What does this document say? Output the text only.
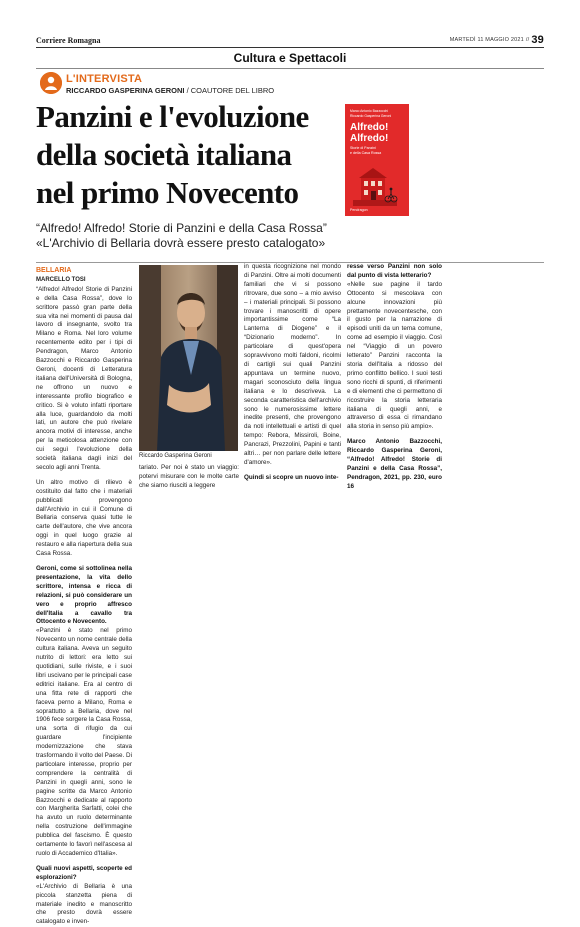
Corriere Romagna	MARTEDÌ 11 MAGGIO 2021 // 39
Cultura e Spettacoli
L'INTERVISTA
RICCARDO GASPERINA GERONI / COAUTORE DEL LIBRO
Panzini e l'evoluzione
della società italiana
nel primo Novecento
Marco Antonio Bazzocchi
Riccardo Gasperina Geroni
Alfredo!
Alfredo!
Storie di Panzini
e della Casa Rossa
Pendragon
“Alfredo! Alfredo! Storie di Panzini e della Casa Rossa”
«L'Archivio di Bellaria dovrà essere presto catalogato»
BELLARIA
MARCELLO TOSI

“Alfredo! Alfredo! Storie di Panzini e della Casa Rossa”, dove lo scrittore passò gran parte della sua vita nei momenti di pausa dal lavoro di insegnante, svolto tra Milano e Roma. Nel loro volume recentemente edito per i tipi di Pendragon, Marco Antonio Bazzocchi e Riccardo Gasperina Geroni, docenti di Letteratura italiana dell'Università di Bologna, ne offrono un nuovo e interessante profilo biografico e critico. Si è voluto infatti riportare alla luce, guardandolo da molti lati, un autore che può rivelare ancora motivi di interesse, anche per la meticolosa attenzione con cui seguì l'evoluzione della società italiana dagli inizi del secolo agli anni Trenta.

Un altro motivo di rilievo è costituito dal fatto che i materiali pubblicati provengono dall'Archivio in cui il Comune di Bellaria conserva quasi tutte le carte dell'autore, che vive ancora oggi in quel luogo grazie al restauro e alla riapertura della sua Casa Rossa.

Geroni, come si sottolinea nella presentazione, la vita dello scrittore, intensa e ricca di relazioni, si può considerare un vero e proprio affresco dell'Italia a cavallo tra Ottocento e Novecento.

«Panzini è stato nel primo Novecento un nome centrale della cultura italiana. Aveva un seguito nutrito di lettori: era letto sui quotidiani, sulle riviste, e i suoi libri uscivano per le principali case editrici italiane. Era al centro di una fitta rete di rapporti che faceva perno a Milano, Roma e soprattutto a Bellaria, dove nel 1906 fece sorgere la Casa Rossa, una sorta di rifugio da cui guardare l'incipiente modernizzazione che stava trasformando il volto del Paese. Di particolare interesse, proprio per comprendere la centralità di Panzini in quegli anni, sono le pagine scritte da Marco Antonio Bazzocchi e dedicate al rapporto con Margherita Sarfatti, colei che ha avuto un ruolo determinante nella costruzione dell'immagine pubblica del fascismo. È questo certamente lo favorì nell'ascesa al ruolo di Accademico d'Italia».

Quali nuovi aspetti, scoperte ed esplorazioni?

«L'Archivio di Bellaria è una piccola stanzetta piena di materiale inedito e manoscritto che presto dovrà essere catalogato e inven-

Riccardo Gasperina Geroni

tariato. Per noi è stato un viaggio: potervi misurare con le molte carte che siamo riusciti a leggere

in questa ricognizione nel mondo di Panzini. Oltre ai molti documenti familiari che vi si possono ritrovare, due sono – a mio avviso – i materiali principali. Si possono trovare i manoscritti di opere importantissime come “La Lanterna di Diogene” e il “Dizionario moderno”. In particolare di quest'opera sopravvivono molti faldoni, ricolmi di cartigli sui quali Panzini appuntava un termine nuovo, magari sconosciuto della lingua italiana e lo descriveva. La seconda caratteristica dell'archivio sono le numerosissime lettere inedite presenti, che provengono da noti intellettuali e artisti di quel tempo: Rebora, Missiroli, Boine, Pancrazi, Prezzolini, Papini e tanti altri… per non parlare delle lettere d'amore».

Quindi si scopre un nuovo inte-

resse verso Panzini non solo dal punto di vista letterario?

«Nelle sue pagine il tardo Ottocento si mescolava con alcune innovazioni più prettamente novecentesche, con il gusto per la narrazione di episodi uniti da un tema comune, come ad esempio il viaggio. Così nel “Viaggio di un povero letterato” Panzini racconta la storia dell'Italia a ridosso del primo conflitto bellico. I suoi testi sono ricchi di spunti, di riferimenti e di elementi che ci permettono di ricostruire la storia letteraria italiana di quegli anni, e attraverso di essa ci rimandano alla storia in senso più ampio».

Marco Antonio Bazzocchi, Riccardo Gasperina Geroni, “Alfredo! Alfredo! Storie di Panzini e della Casa Rossa”, Pendragon, 2021, pp. 230, euro 16
